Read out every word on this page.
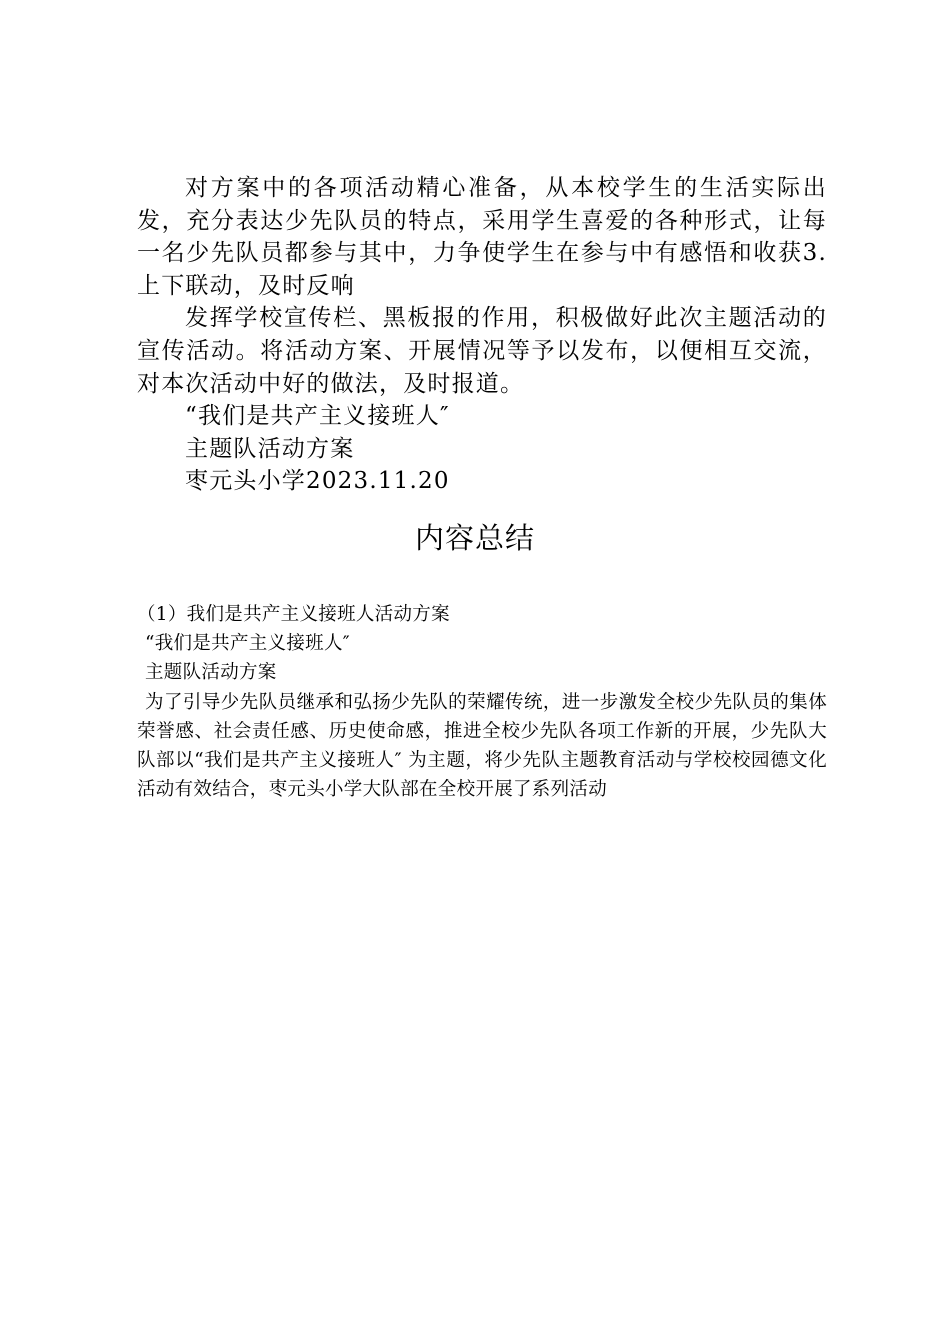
对方案中的各项活动精心准备，从本校学生的生活实际出发，充分表达少先队员的特点，采用学生喜爱的各种形式，让每一名少先队员都参与其中，力争使学生在参与中有感悟和收获3.上下联动，及时反响

发挥学校宣传栏、黑板报的作用，积极做好此次主题活动的宣传活动。将活动方案、开展情况等予以发布，以便相互交流，对本次活动中好的做法，及时报道。

“我们是共产主义接班人″

主题队活动方案

枣元头小学2023.11.20

内容总结

（1）我们是共产主义接班人活动方案

“我们是共产主义接班人″

主题队活动方案

为了引导少先队员继承和弘扬少先队的荣耀传统，进一步激发全校少先队员的集体荣誉感、社会责任感、历史使命感，推进全校少先队各项工作新的开展，少先队大队部以“我们是共产主义接班人″ 为主题，将少先队主题教育活动与学校校园德文化活动有效结合，枣元头小学大队部在全校开展了系列活动
